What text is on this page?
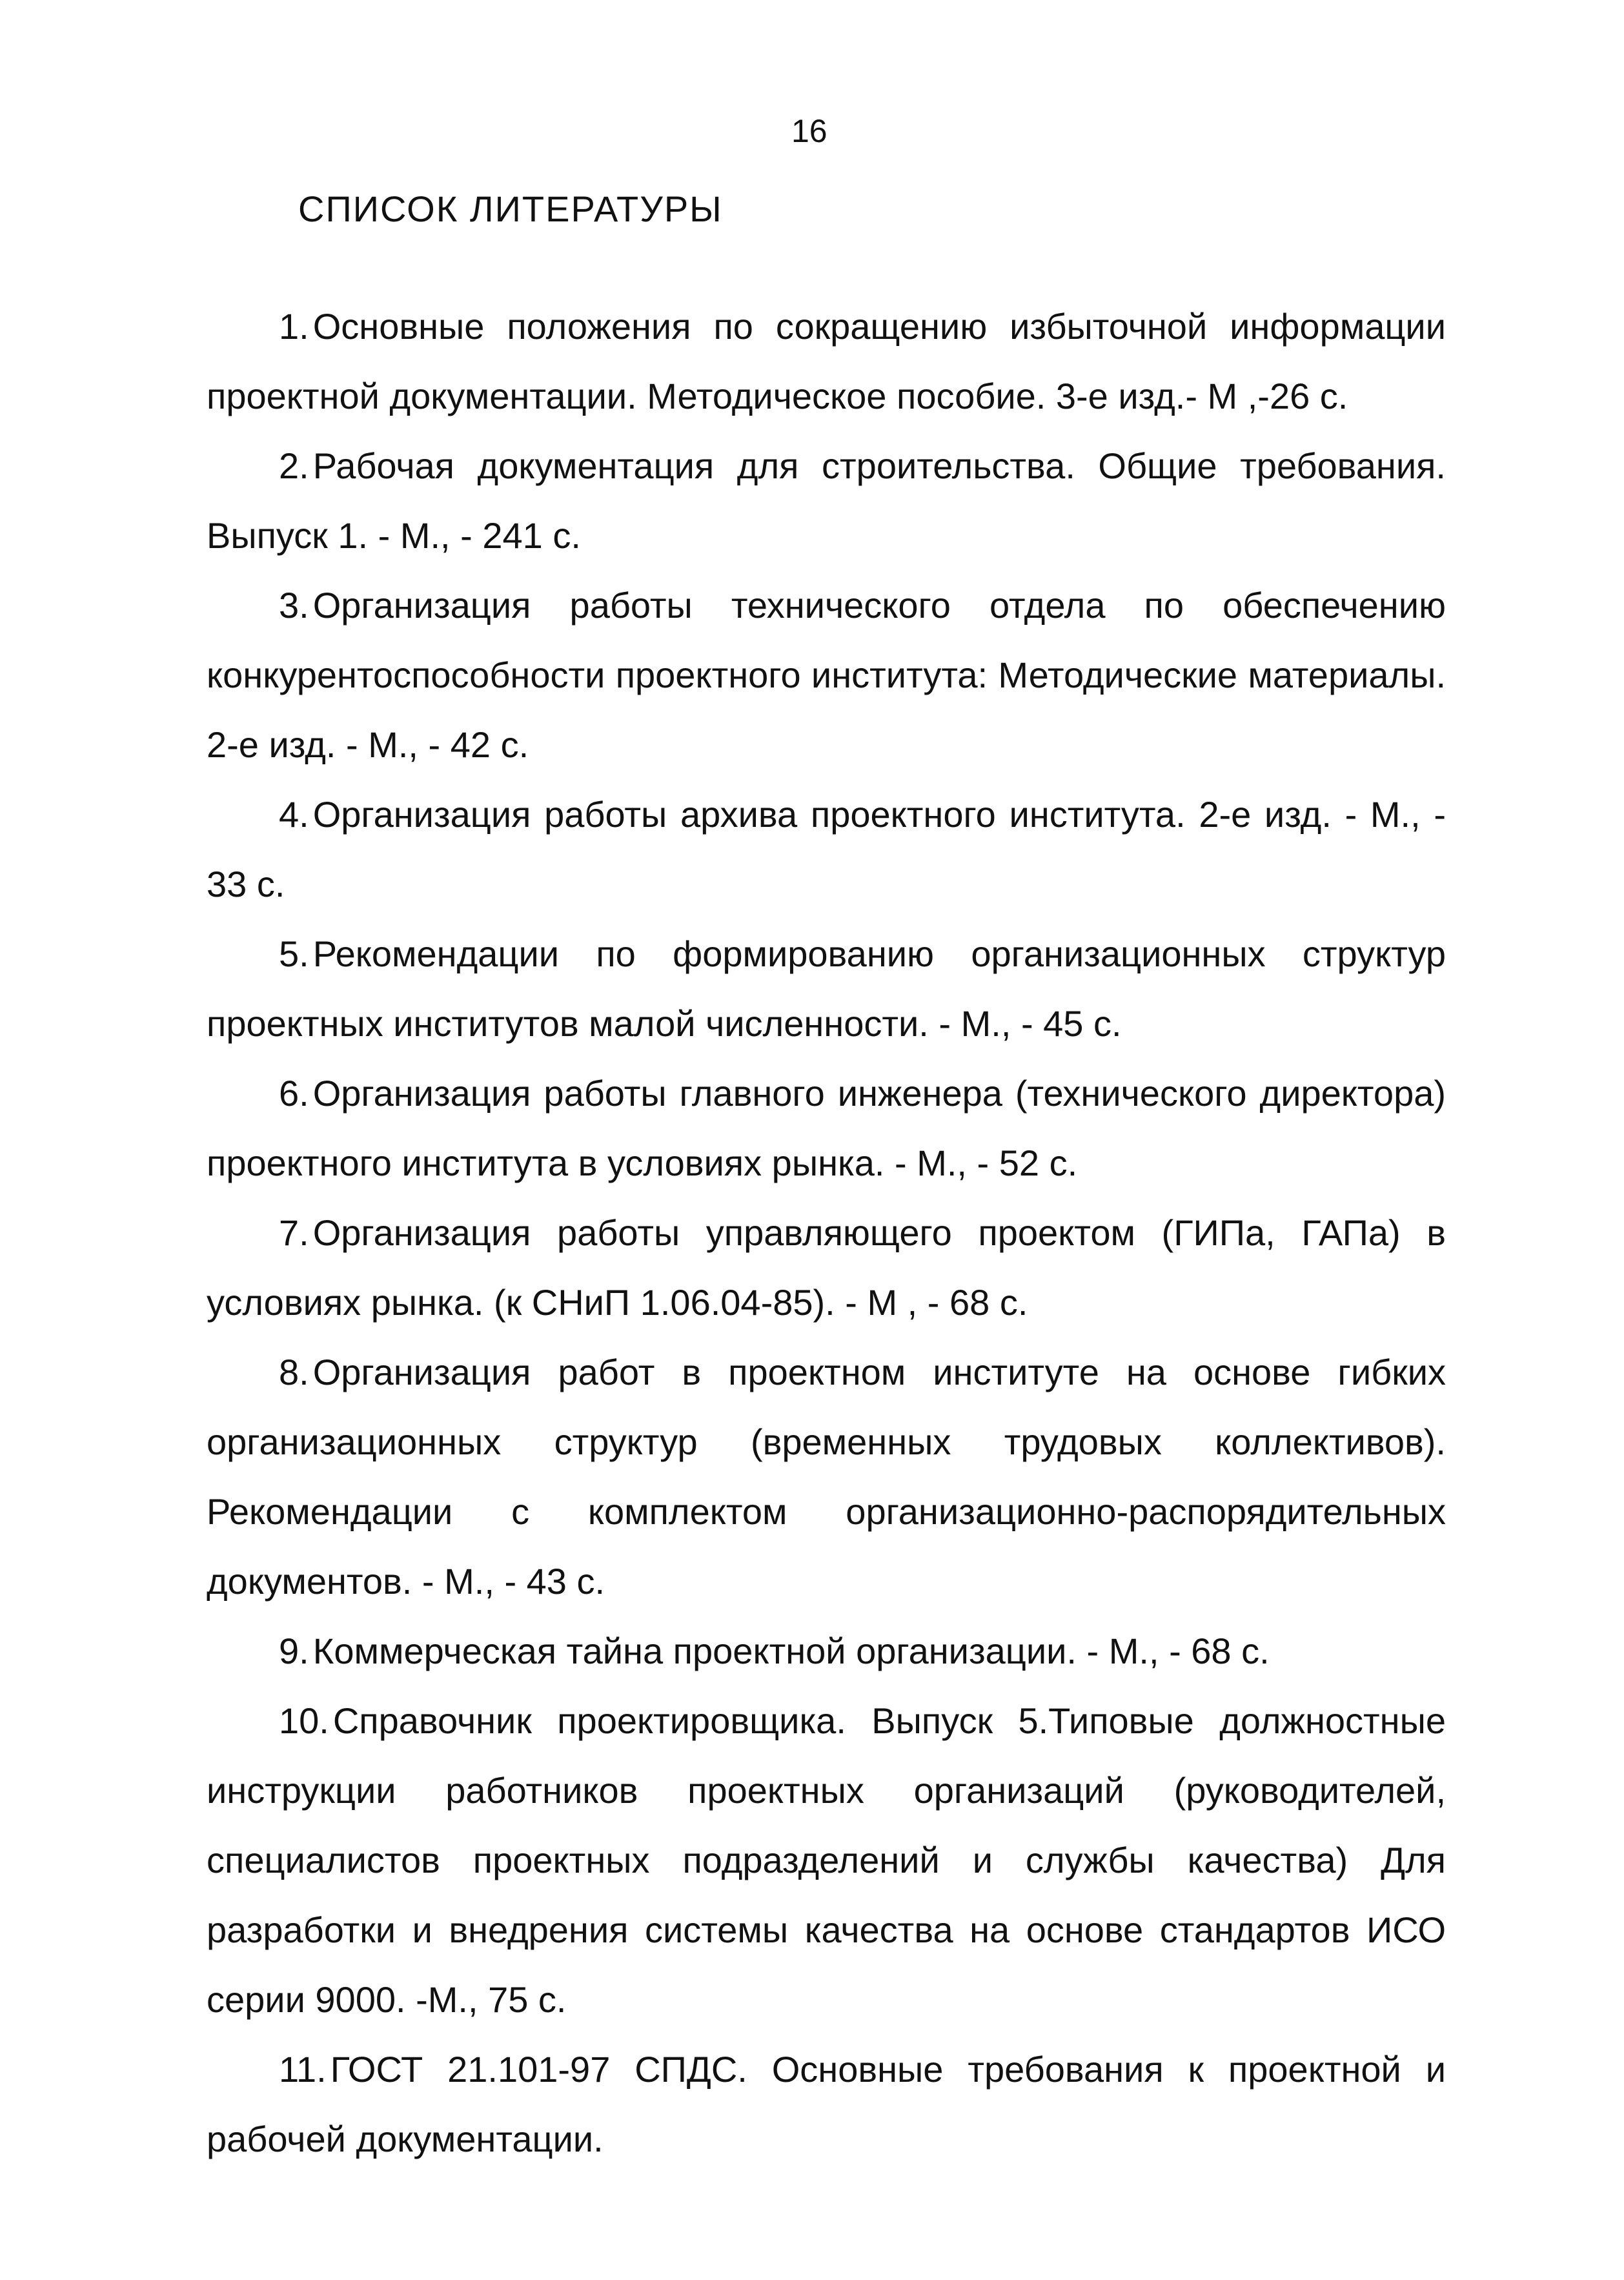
16
СПИСОК ЛИТЕРАТУРЫ
1. Основные положения по сокращению избыточной информации проектной документации. Методическое пособие. 3-е изд.- М ,-26 с.
2. Рабочая документация для строительства. Общие требования. Выпуск 1. - М., - 241 с.
3. Организация работы технического отдела по обеспечению конкурентоспособности проектного института: Методические материалы. 2-е изд. - М., - 42 с.
4. Организация работы архива проектного института. 2-е изд. - М., - 33 с.
5. Рекомендации по формированию организационных структур проектных институтов малой численности. - М., - 45 с.
6. Организация работы главного инженера (технического директора) проектного института в условиях рынка. - М., - 52 с.
7. Организация работы управляющего проектом (ГИПа, ГАПа) в условиях рынка. (к СНиП 1.06.04-85). - М , - 68 с.
8. Организация работ в проектном институте на основе гибких организационных структур (временных трудовых коллективов). Рекомендации с комплектом организационно-распорядительных документов. - М., - 43 с.
9. Коммерческая тайна проектной организации. - М., - 68 с.
10. Справочник проектировщика. Выпуск 5.Типовые должностные инструкции работников проектных организаций (руководителей, специалистов проектных подразделений и службы качества) Для разработки и внедрения системы качества на основе стандартов ИСО серии 9000. -М., 75 с.
11. ГОСТ 21.101-97 СПДС. Основные требования к проектной и рабочей документации.
